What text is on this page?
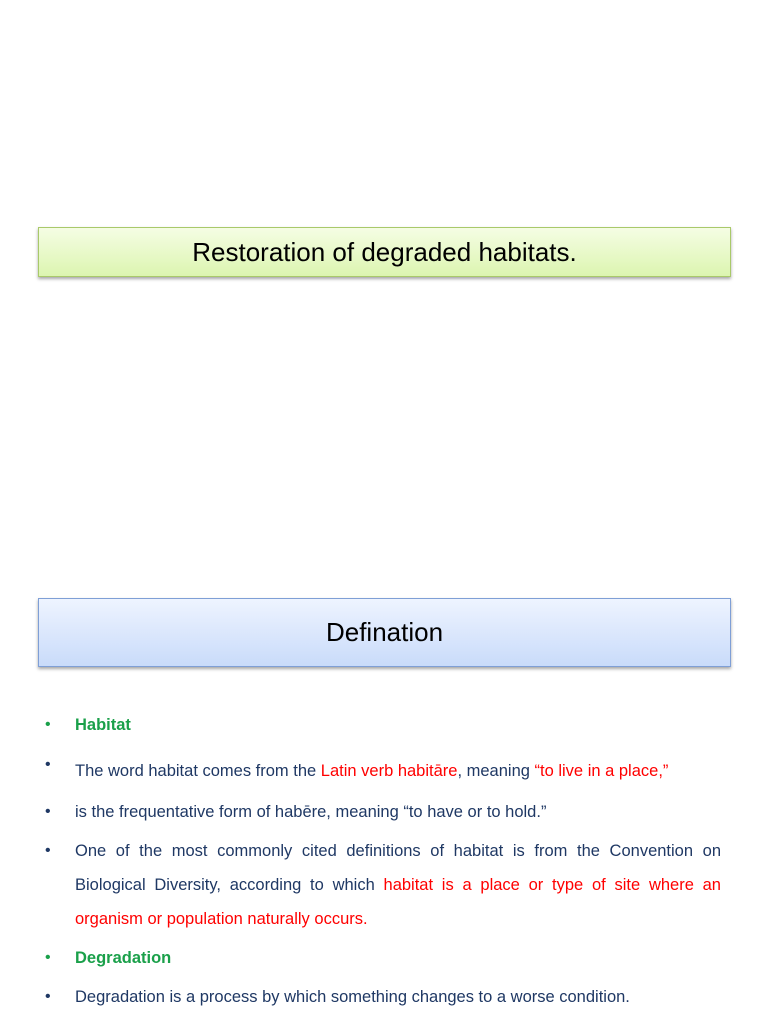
Restoration of degraded habitats.
Defination
• Habitat
• The word habitat comes from the Latin verb habitāre, meaning “to live in a place,”
• is the frequentative form of habēre, meaning “to have or to hold.”
• One of the most commonly cited definitions of habitat is from the Convention on Biological Diversity, according to which habitat is a place or type of site where an organism or population naturally occurs.
• Degradation
• Degradation is a process by which something changes to a worse condition.
